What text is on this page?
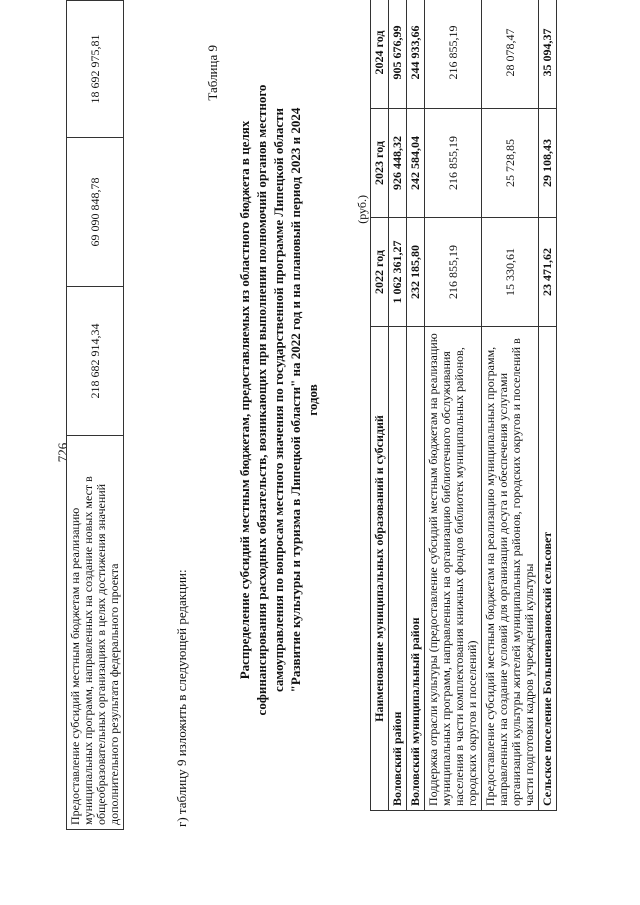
726
Предоставление субсидий местным бюджетам на реализацию муниципальных программ, направленных на создание новых мест в общеобразовательных организациях в целях достижения значений дополнительного результата федерального проекта	218 682 914,34	69 090 848,78	18 692 975,81
г) таблицу 9 изложить в следующей редакции:
Таблица 9
Распределение субсидий местным бюджетам, предоставляемых из областного бюджета в целях софинансирования расходных обязательств, возникающих при выполнении полномочий органов местного самоуправления по вопросам местного значения по государственной программе Липецкой области "Развитие культуры и туризма в Липецкой области" на 2022 год и на плановый период 2023 и 2024 годов
(руб.)
Наименование муниципальных образований и субсидий	2022 год	2023 год	2024 год
Воловский район	1 062 361,27	926 448,32	905 676,99
Воловский муниципальный район	232 185,80	242 584,04	244 933,66
Поддержка отрасли культуры (предоставление субсидий местным бюджетам на реализацию муниципальных программ, направленных на организацию библиотечного обслуживания населения в части комплектования книжных фондов библиотек муниципальных районов, городских округов и поселений)	216 855,19	216 855,19	216 855,19
Предоставление субсидий местным бюджетам на реализацию муниципальных программ, направленных на создание условий для организации досуга и обеспечения услугами организаций культуры жителей муниципальных районов, городских округов и поселений в части подготовки кадров учреждений культуры	15 330,61	25 728,85	28 078,47
Сельское поселение Большеивановский сельсовет	23 471,62	29 108,43	35 094,37
